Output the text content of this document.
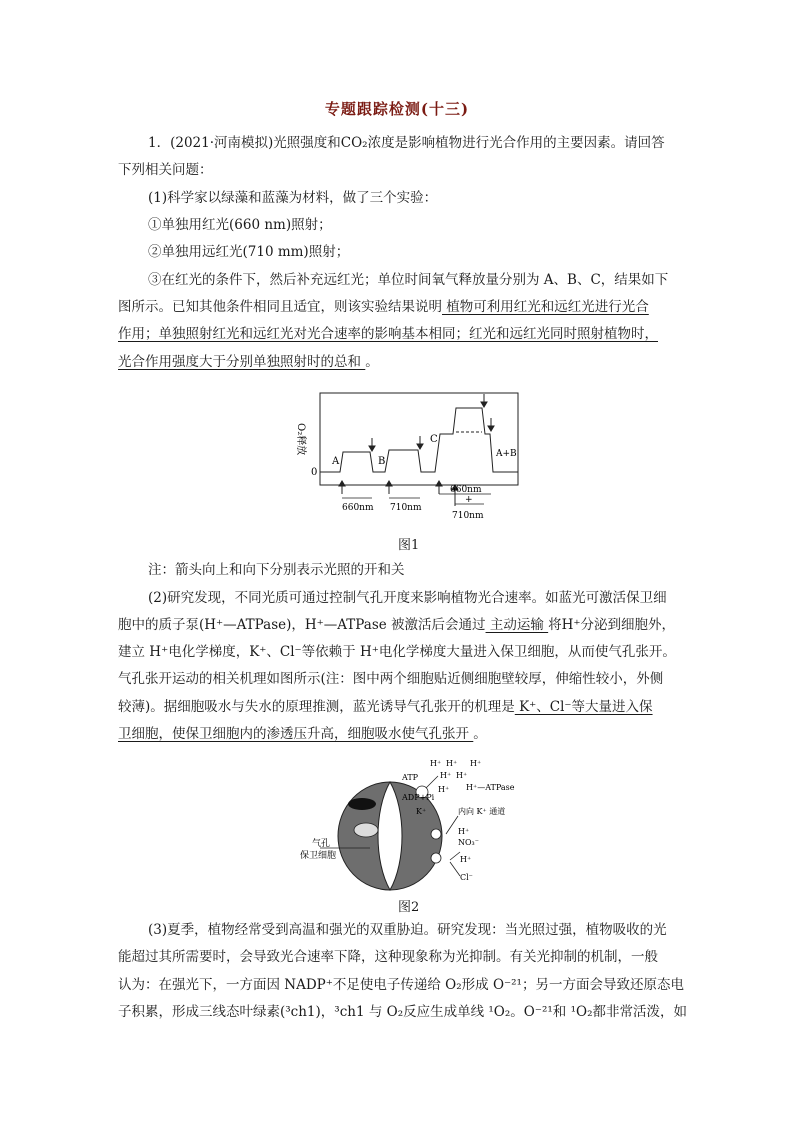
专题跟踪检测(十三)
1．(2021·河南模拟)光照强度和CO₂浓度是影响植物进行光合作用的主要因素。请回答
下列相关问题：
(1)科学家以绿藻和蓝藻为材料，做了三个实验：
①单独用红光(660 nm)照射；
②单独用远红光(710 mm)照射；
③在红光的条件下，然后补充远红光；单位时间氧气释放量分别为 A、B、C，结果如下
图所示。已知其他条件相同且适宜，则该实验结果说明 植物可利用红光和远红光进行光合
作用；单独照射红光和远红光对光合速率的影响基本相同；红光和远红光同时照射植物时，
光合作用强度大于分别单独照射时的总和 。
O₂释放
0
A	B
C
A+B
660nm 710nm
660nm
+
710nm
图1
注：箭头向上和向下分别表示光照的开和关
(2)研究发现，不同光质可通过控制气孔开度来影响植物光合速率。如蓝光可激活保卫细
胞中的质子泵(H⁺—ATPase)，H⁺—ATPase 被激活后会通过 主动运输 将H⁺分泌到细胞外，
建立 H⁺电化学梯度，K⁺、Cl⁻等依赖于 H⁺电化学梯度大量进入保卫细胞，从而使气孔张开。
气孔张开运动的相关机理如图所示(注：图中两个细胞贴近侧细胞壁较厚，伸缩性较小，外侧
较薄)。据细胞吸水与失水的原理推测，蓝光诱导气孔张开的机理是 K⁺、Cl⁻等大量进入保
卫细胞，使保卫细胞内的渗透压升高，细胞吸水使气孔张开 。
ATP
ADP+Pi
H⁺ H⁺ H⁺
H⁺ H⁺
H⁺ H⁺—ATPase
K⁺	内向 K⁺ 通道
H⁺
NO₃⁻
H⁺
Cl⁻
气孔
保卫细胞
图2
(3)夏季，植物经常受到高温和强光的双重胁迫。研究发现：当光照过强，植物吸收的光
能超过其所需要时，会导致光合速率下降，这种现象称为光抑制。有关光抑制的机制，一般
认为：在强光下，一方面因 NADP⁺不足使电子传递给 O₂形成 O⁻²¹；另一方面会导致还原态电
子积累，形成三线态叶绿素(³ch1)，³ch1 与 O₂反应生成单线 ¹O₂。O⁻²¹和 ¹O₂都非常活泼，如
